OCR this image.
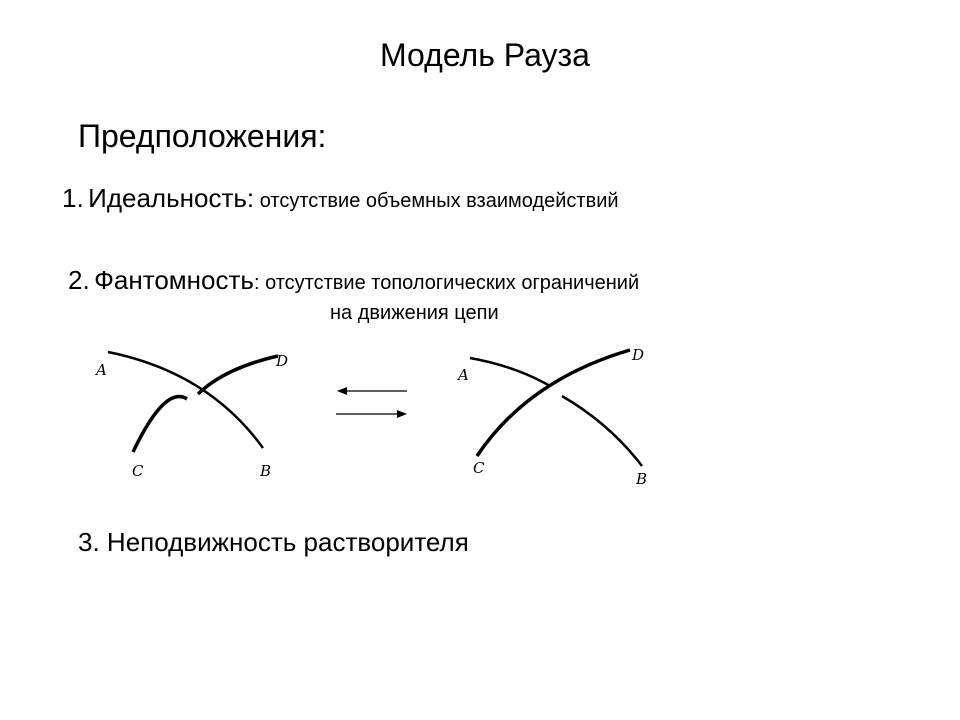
Модель Рауза
Предположения:
1. Идеальность: отсутствие объемных взаимодействий
2. Фантомность: отсутствие топологических ограничений
на движения цепи
A	D
C	B
A
D
C
B
3. Неподвижность растворителя
